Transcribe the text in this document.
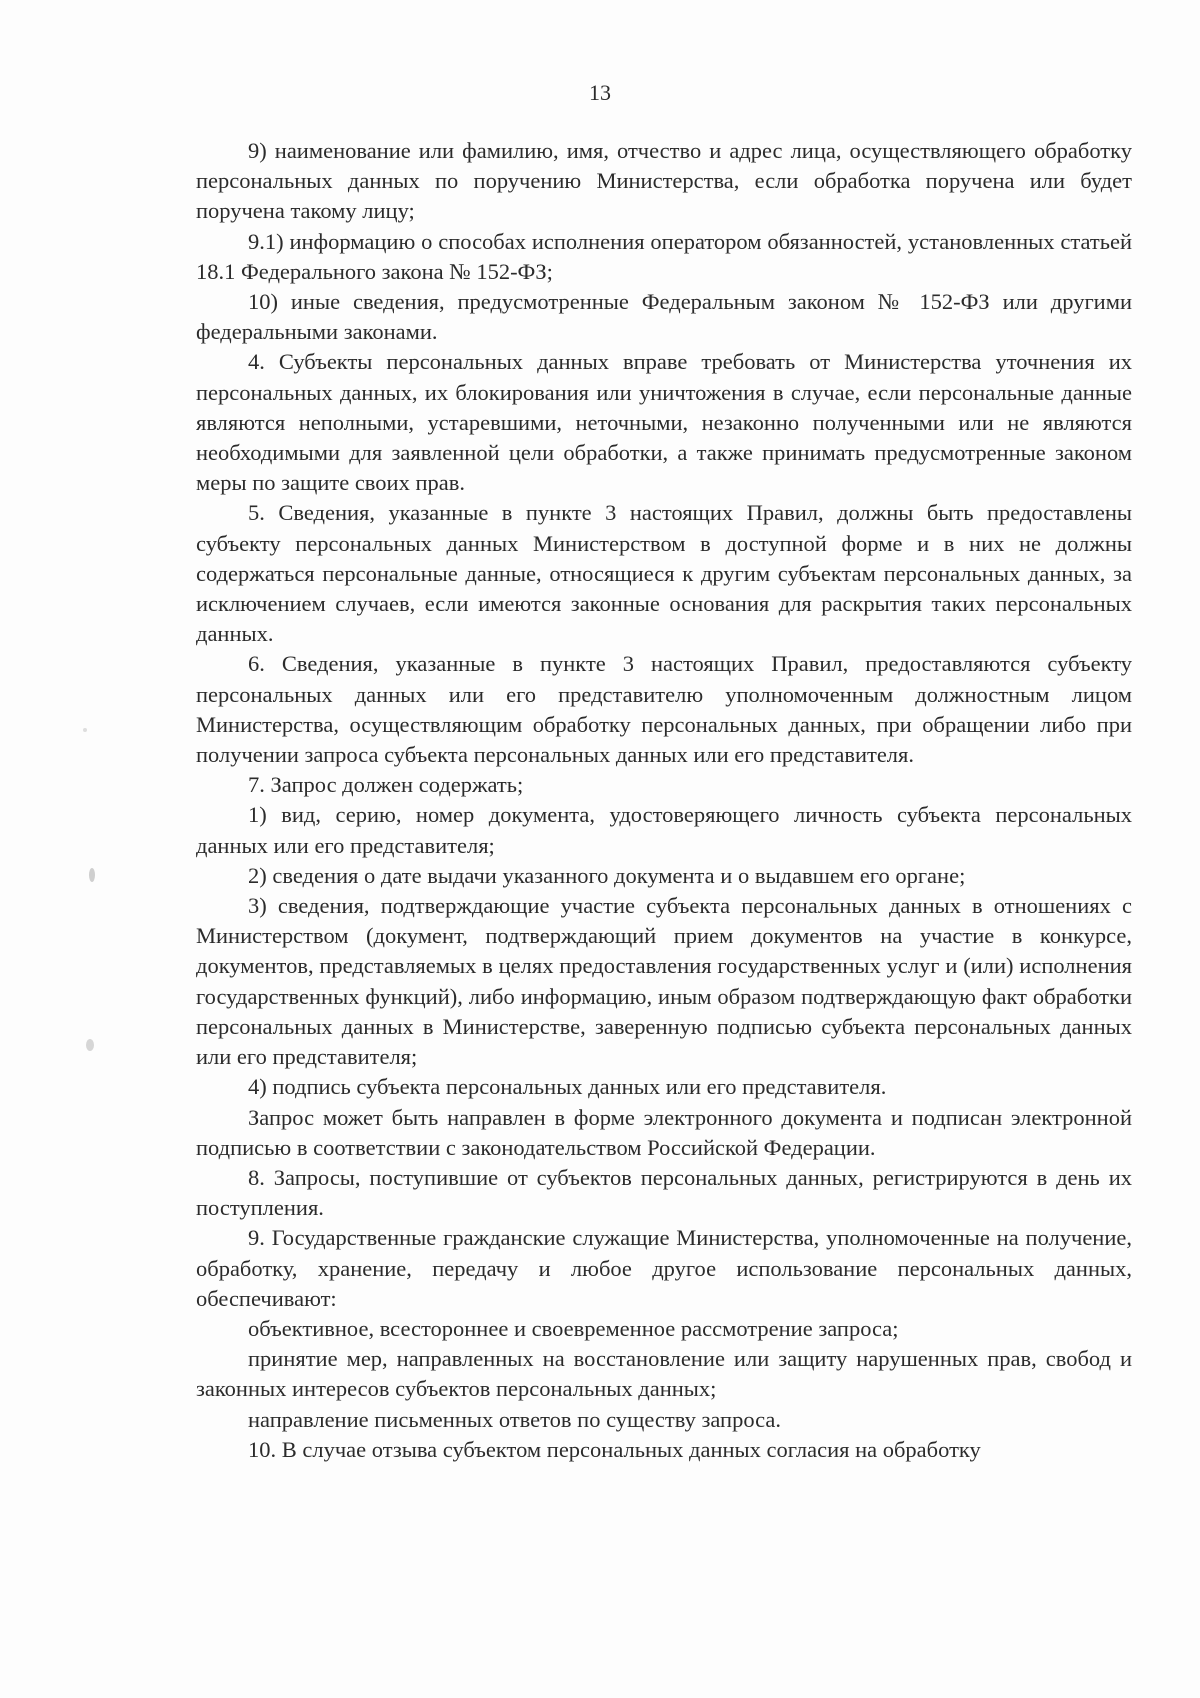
13

9) наименование или фамилию, имя, отчество и адрес лица, осуществляющего обработку персональных данных по поручению Министерства, если обработка поручена или будет поручена такому лицу;

9.1) информацию о способах исполнения оператором обязанностей, установленных статьей 18.1 Федерального закона № 152-ФЗ;

10) иные сведения, предусмотренные Федеральным законом № 152-ФЗ или другими федеральными законами.

4. Субъекты персональных данных вправе требовать от Министерства уточнения их персональных данных, их блокирования или уничтожения в случае, если персональные данные являются неполными, устаревшими, неточными, незаконно полученными или не являются необходимыми для заявленной цели обработки, а также принимать предусмотренные законом меры по защите своих прав.

5. Сведения, указанные в пункте 3 настоящих Правил, должны быть предоставлены субъекту персональных данных Министерством в доступной форме и в них не должны содержаться персональные данные, относящиеся к другим субъектам персональных данных, за исключением случаев, если имеются законные основания для раскрытия таких персональных данных.

6. Сведения, указанные в пункте 3 настоящих Правил, предоставляются субъекту персональных данных или его представителю уполномоченным должностным лицом Министерства, осуществляющим обработку персональных данных, при обращении либо при получении запроса субъекта персональных данных или его представителя.

7. Запрос должен содержать;

1) вид, серию, номер документа, удостоверяющего личность субъекта персональных данных или его представителя;

2) сведения о дате выдачи указанного документа и о выдавшем его органе;

3) сведения, подтверждающие участие субъекта персональных данных в отношениях с Министерством (документ, подтверждающий прием документов на участие в конкурсе, документов, представляемых в целях предоставления государственных услуг и (или) исполнения государственных функций), либо информацию, иным образом подтверждающую факт обработки персональных данных в Министерстве, заверенную подписью субъекта персональных данных или его представителя;

4) подпись субъекта персональных данных или его представителя.

Запрос может быть направлен в форме электронного документа и подписан электронной подписью в соответствии с законодательством Российской Федерации.

8. Запросы, поступившие от субъектов персональных данных, регистрируются в день их поступления.

9. Государственные гражданские служащие Министерства, уполномоченные на получение, обработку, хранение, передачу и любое другое использование персональных данных, обеспечивают:

объективное, всестороннее и своевременное рассмотрение запроса;

принятие мер, направленных на восстановление или защиту нарушенных прав, свобод и законных интересов субъектов персональных данных;

направление письменных ответов по существу запроса.

10. В случае отзыва субъектом персональных данных согласия на обработку
